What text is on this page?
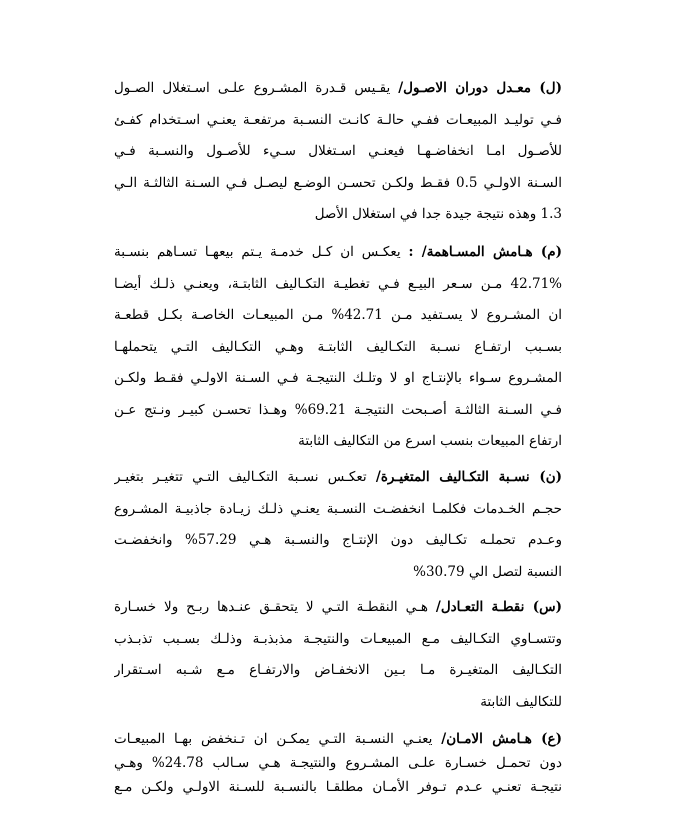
(ل) معـدل دوران الاصـول/ يقـيس قـدرة المشـروع علـى اسـتغلال الصـول
فـي توليـد المبيعـات ففـي حالـة كانـت النسـبة مرتفعـة يعنـي اسـتخدام كفـئ
للأصـول امـا انخفاضـهـا فيعنـي اسـتغلال سـيء للأصـول والنسـبة فـي
السـنة الاولـي 0.5 فقـط ولكـن تحسـن الوضـع ليصـل فـي السـنة الثالثـة الـي
1.3 وهذه نتيجة جيدة جدا في استغلال الأصل
(م) هـامش المسـاهمة/ : يعكـس ان كـل خدمـة يـتم بيعهـا تسـاهم بنسـبة
42.71% مـن سـعر البيـع فـي تغطيـة التكـاليف الثابتـة، ويعنـي ذلـك أيضـا
ان المشـروع لا يسـتفيد مـن 42.71% مـن المبيعـات الخاصـة بكـل قطعـة
بسـبب ارتفـاع نسـبة التكـاليف الثابتـة وهـي التكـاليف التـي يتحملهـا
المشـروع سـواء بالإنتـاج او لا وتلـك النتيجـة فـي السـنة الاولـي فقـط ولكـن
فـي السـنة الثالثـة أصـبحت النتيجـة 69.21% وهـذا تحسـن كبيـر ونـتج عـن
ارتفاع المبيعات بنسب اسرع من التكاليف الثابتة
(ن) نسـبة التكـاليف المتغيـرة/ تعكـس نسـبة التكـاليف التـي تتغيـر بتغيـر
حجـم الخـدمات فكلمـا انخفضـت النسـبة يعنـي ذلـك زيـادة جاذبيـة المشـروع
وعـدم تحملـه تكـاليف دون الإنتـاج والنسـبة هـي 57.29% وانخفضـت
النسبة لتصل الي 30.79%
(س) نقطـة التعـادل/ هـي النقطـة التـي لا يتحقـق عنـدها ربـح ولا خسـارة
وتتسـاوي التكـاليف مـع المبيعـات والنتيجـة مذبذبـة وذلـك بسـبب تذبـذب
التكـاليف المتغيـرة مـا بـين الانخفـاض والارتفـاع مـع شـبه اسـتقرار
للتكاليف الثابتة
(ع) هـامش الامـان/ يعنـي النسـبة التـي يمكـن ان تـنخفض بهـا المبيعـات
دون تحمـل خسـارة علـى المشـروع والنتيجـة هـي سـالب 24.78% وهـي
نتيجـة تعنـي عـدم تـوفر الأمـان مطلقـا بالنسـبة للسـنة الاولـي ولكـن مـع
